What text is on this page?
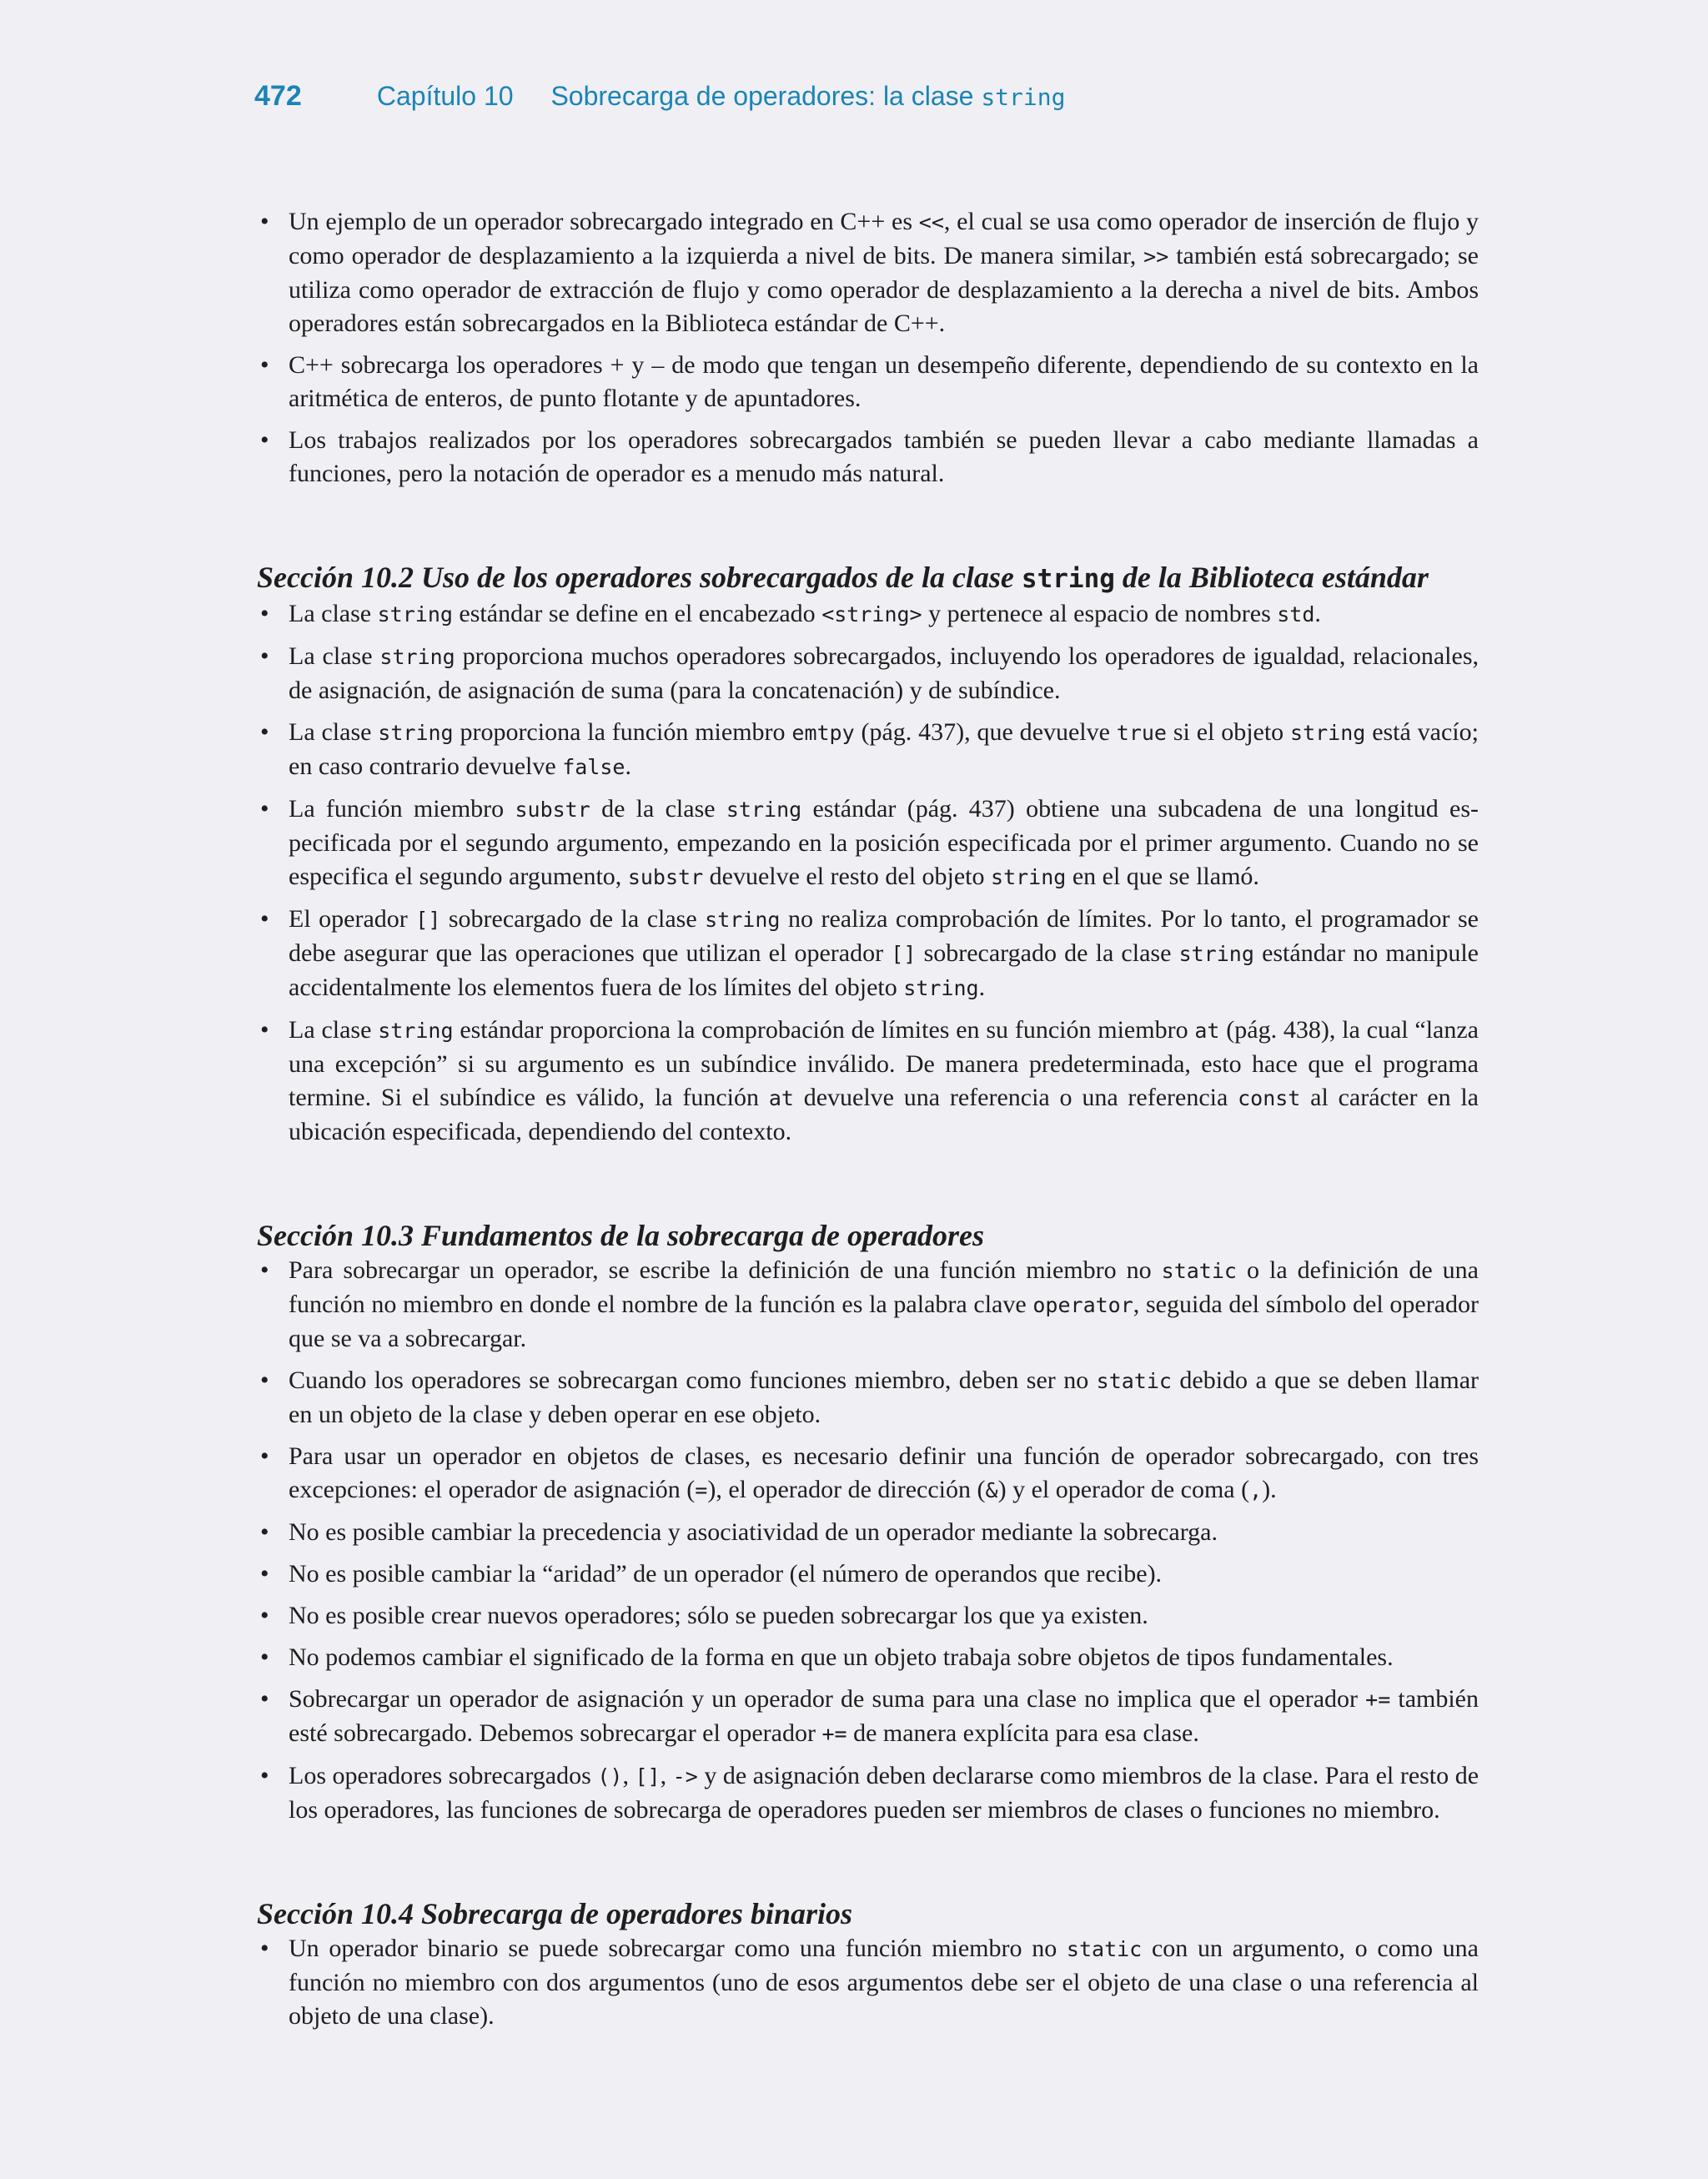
472	Capítulo 10 Sobrecarga de operadores: la clase string
• Un ejemplo de un operador sobrecargado integrado en C++ es <<, el cual se usa como operador de inserción de flujo y como operador de desplazamiento a la izquierda a nivel de bits. De manera similar, >> también está sobrecargado; se utiliza como operador de extracción de flujo y como operador de desplazamiento a la derecha a nivel de bits. Ambos operadores están sobrecargados en la Biblioteca estándar de C++.
• C++ sobrecarga los operadores + y – de modo que tengan un desempeño diferente, dependiendo de su contexto en la aritmética de enteros, de punto flotante y de apuntadores.
• Los trabajos realizados por los operadores sobrecargados también se pueden llevar a cabo mediante llamadas a funciones, pero la notación de operador es a menudo más natural.
Sección 10.2 Uso de los operadores sobrecargados de la clase string de la Biblioteca estándar
• La clase string estándar se define en el encabezado <string> y pertenece al espacio de nombres std.
• La clase string proporciona muchos operadores sobrecargados, incluyendo los operadores de igualdad, relacionales, de asignación, de asignación de suma (para la concatenación) y de subíndice.
• La clase string proporciona la función miembro emtpy (pág. 437), que devuelve true si el objeto string está vacío; en caso contrario devuelve false.
• La función miembro substr de la clase string estándar (pág. 437) obtiene una subcadena de una longitud especificada por el segundo argumento, empezando en la posición especificada por el primer argumento. Cuando no se especifica el segundo argumento, substr devuelve el resto del objeto string en el que se llamó.
• El operador [] sobrecargado de la clase string no realiza comprobación de límites. Por lo tanto, el programador se debe asegurar que las operaciones que utilizan el operador [] sobrecargado de la clase string estándar no manipule accidentalmente los elementos fuera de los límites del objeto string.
• La clase string estándar proporciona la comprobación de límites en su función miembro at (pág. 438), la cual “lanza una excepción” si su argumento es un subíndice inválido. De manera predeterminada, esto hace que el programa termine. Si el subíndice es válido, la función at devuelve una referencia o una referencia const al carácter en la ubicación especificada, dependiendo del contexto.
Sección 10.3 Fundamentos de la sobrecarga de operadores
• Para sobrecargar un operador, se escribe la definición de una función miembro no static o la definición de una función no miembro en donde el nombre de la función es la palabra clave operator, seguida del símbolo del operador que se va a sobrecargar.
• Cuando los operadores se sobrecargan como funciones miembro, deben ser no static debido a que se deben llamar en un objeto de la clase y deben operar en ese objeto.
• Para usar un operador en objetos de clases, es necesario definir una función de operador sobrecargado, con tres excepciones: el operador de asignación (=), el operador de dirección (&) y el operador de coma (,).
• No es posible cambiar la precedencia y asociatividad de un operador mediante la sobrecarga.
• No es posible cambiar la “aridad” de un operador (el número de operandos que recibe).
• No es posible crear nuevos operadores; sólo se pueden sobrecargar los que ya existen.
• No podemos cambiar el significado de la forma en que un objeto trabaja sobre objetos de tipos fundamentales.
• Sobrecargar un operador de asignación y un operador de suma para una clase no implica que el operador += también esté sobrecargado. Debemos sobrecargar el operador += de manera explícita para esa clase.
• Los operadores sobrecargados (), [], -> y de asignación deben declararse como miembros de la clase. Para el resto de los operadores, las funciones de sobrecarga de operadores pueden ser miembros de clases o funciones no miembro.
Sección 10.4 Sobrecarga de operadores binarios
• Un operador binario se puede sobrecargar como una función miembro no static con un argumento, o como una función no miembro con dos argumentos (uno de esos argumentos debe ser el objeto de una clase o una referencia al objeto de una clase).
